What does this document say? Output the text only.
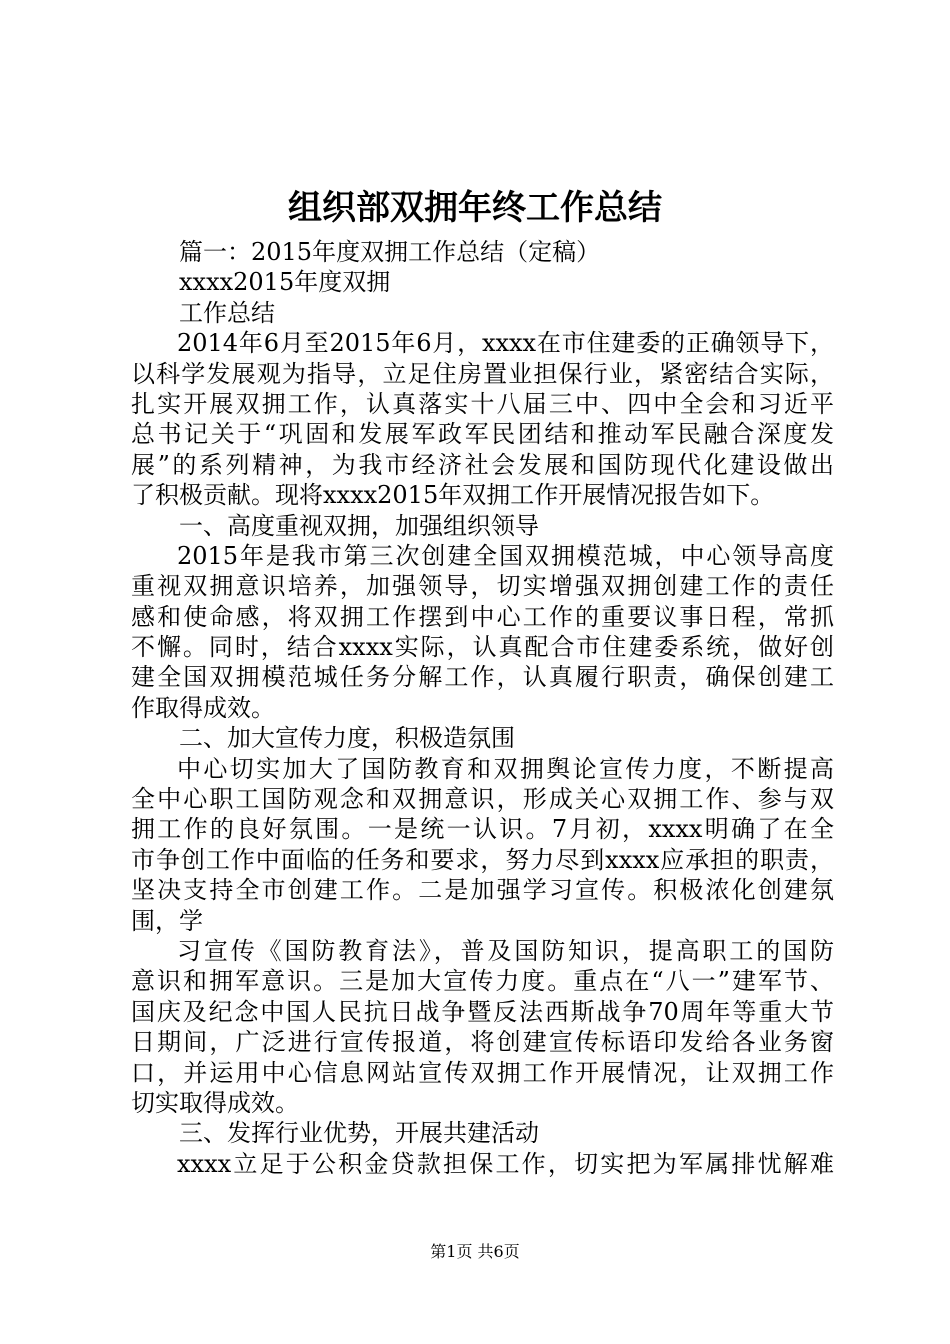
组织部双拥年终工作总结
篇一：2015年度双拥工作总结（定稿）
xxxx2015年度双拥
工作总结
2014年6月至2015年6月，xxxx在市住建委的正确领导下，
以科学发展观为指导，立足住房置业担保行业，紧密结合实际，
扎实开展双拥工作，认真落实十八届三中、四中全会和习近平
总书记关于“巩固和发展军政军民团结和推动军民融合深度发
展”的系列精神，为我市经济社会发展和国防现代化建设做出
了积极贡献。现将xxxx2015年双拥工作开展情况报告如下。
一、高度重视双拥，加强组织领导
2015年是我市第三次创建全国双拥模范城，中心领导高度
重视双拥意识培养，加强领导，切实增强双拥创建工作的责任
感和使命感，将双拥工作摆到中心工作的重要议事日程，常抓
不懈。同时，结合xxxx实际，认真配合市住建委系统，做好创
建全国双拥模范城任务分解工作，认真履行职责，确保创建工
作取得成效。
二、加大宣传力度，积极造氛围
中心切实加大了国防教育和双拥舆论宣传力度，不断提高
全中心职工国防观念和双拥意识，形成关心双拥工作、参与双
拥工作的良好氛围。一是统一认识。7月初，xxxx明确了在全
市争创工作中面临的任务和要求，努力尽到xxxx应承担的职责，
坚决支持全市创建工作。二是加强学习宣传。积极浓化创建氛
围，学
习宣传《国防教育法》，普及国防知识，提高职工的国防
意识和拥军意识。三是加大宣传力度。重点在“八一”建军节、
国庆及纪念中国人民抗日战争暨反法西斯战争70周年等重大节
日期间，广泛进行宣传报道，将创建宣传标语印发给各业务窗
口，并运用中心信息网站宣传双拥工作开展情况，让双拥工作
切实取得成效。
三、发挥行业优势，开展共建活动
xxxx立足于公积金贷款担保工作，切实把为军属排忧解难
第1页 共6页
